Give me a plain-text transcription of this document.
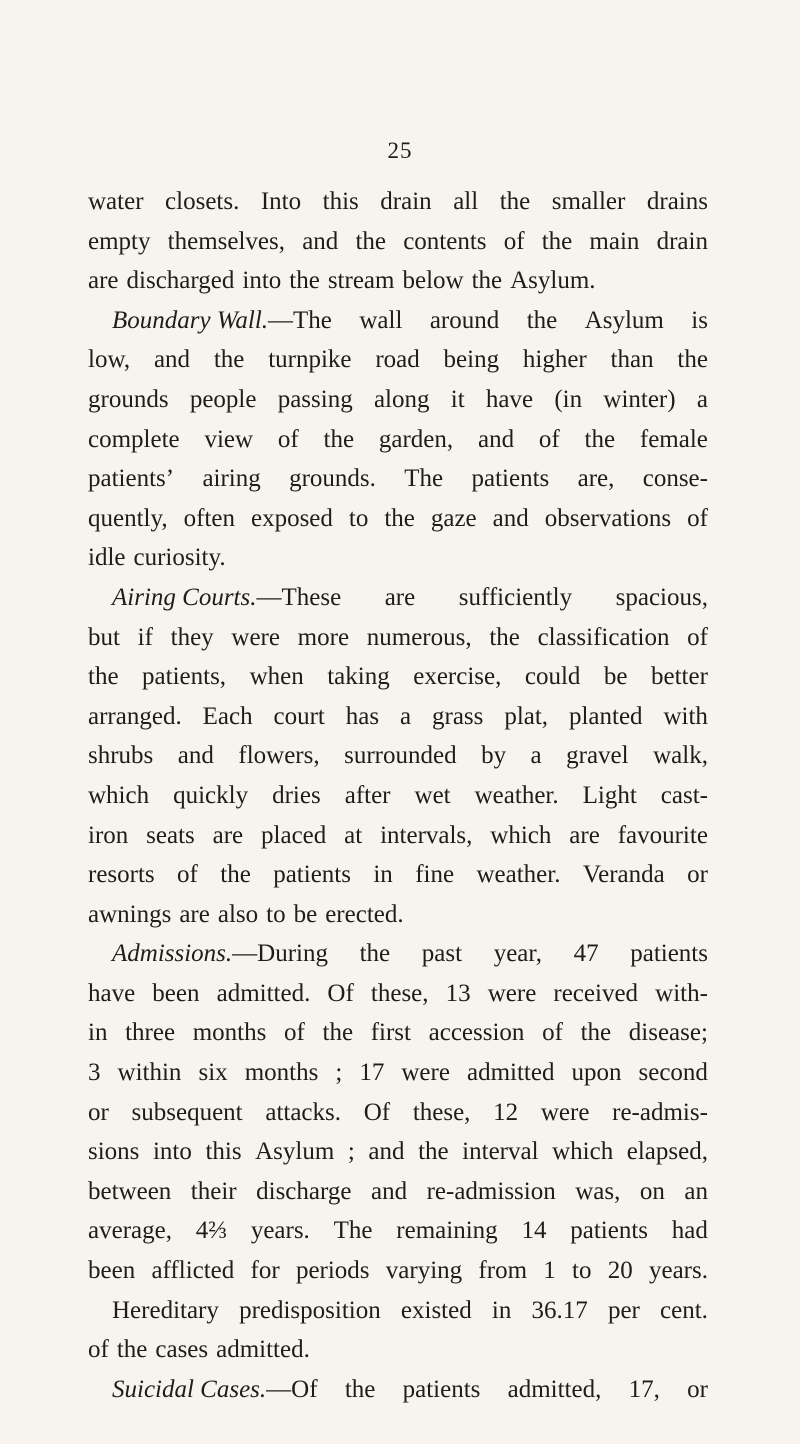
25
water closets. Into this drain all the smaller drains
empty themselves, and the contents of the main drain
are discharged into the stream below the Asylum.
Boundary Wall.—The wall around the Asylum is
low, and the turnpike road being higher than the
grounds people passing along it have (in winter) a
complete view of the garden, and of the female
patients’ airing grounds. The patients are, conse-
quently, often exposed to the gaze and observations of
idle curiosity.
Airing Courts.—These are sufficiently spacious,
but if they were more numerous, the classification of
the patients, when taking exercise, could be better
arranged. Each court has a grass plat, planted with
shrubs and flowers, surrounded by a gravel walk,
which quickly dries after wet weather. Light cast-
iron seats are placed at intervals, which are favourite
resorts of the patients in fine weather. Veranda or
awnings are also to be erected.
Admissions.—During the past year, 47 patients
have been admitted. Of these, 13 were received with-
in three months of the first accession of the disease;
3 within six months ; 17 were admitted upon second
or subsequent attacks. Of these, 12 were re-admis-
sions into this Asylum ; and the interval which elapsed,
between their discharge and re-admission was, on an
average, 4⅔ years. The remaining 14 patients had
been afflicted for periods varying from 1 to 20 years.
Hereditary predisposition existed in 36.17 per cent.
of the cases admitted.
Suicidal Cases.—Of the patients admitted, 17, or
